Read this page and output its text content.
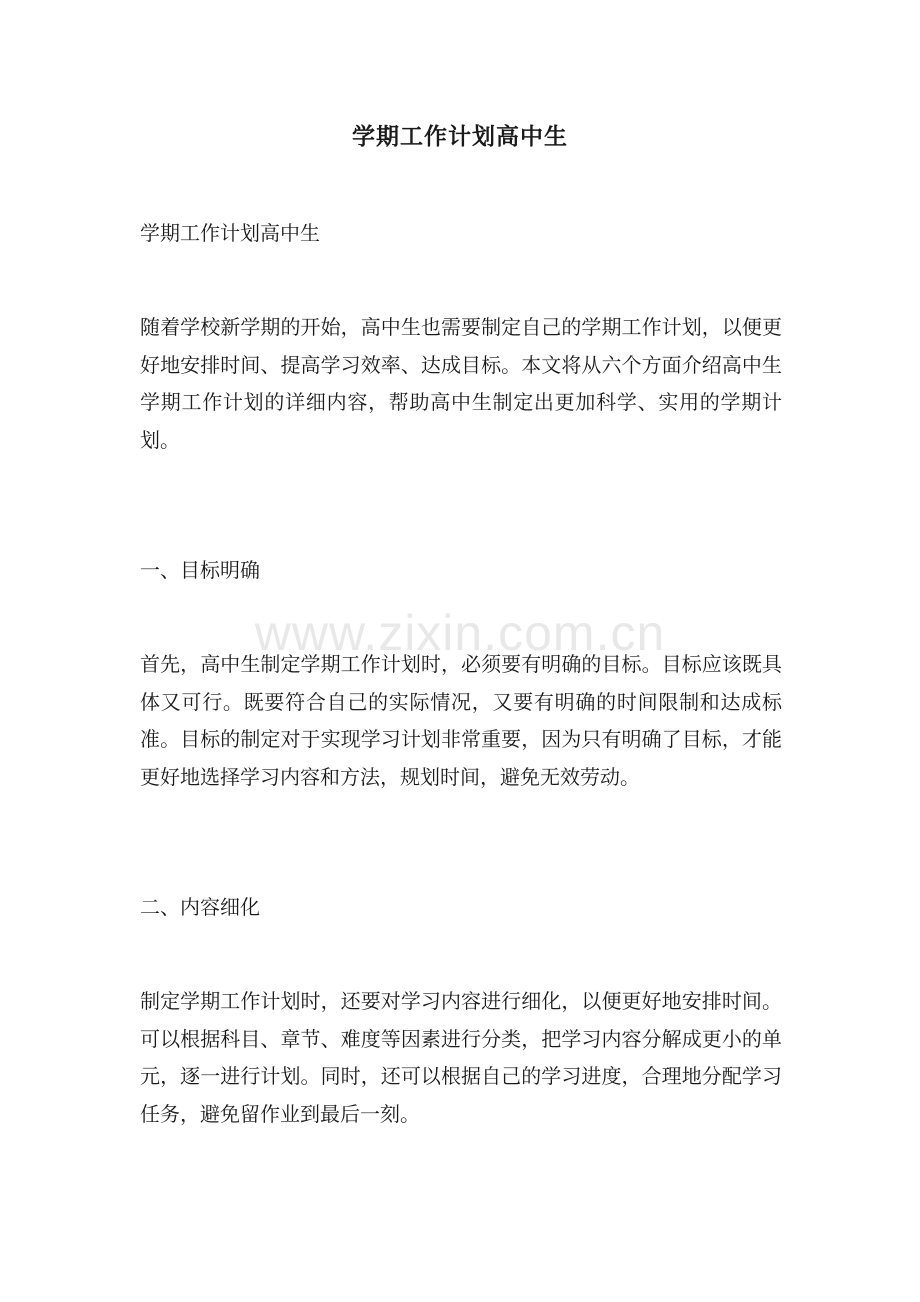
学期工作计划高中生

学期工作计划高中生

随着学校新学期的开始，高中生也需要制定自己的学期工作计划，以便更好地安排时间、提高学习效率、达成目标。本文将从六个方面介绍高中生学期工作计划的详细内容，帮助高中生制定出更加科学、实用的学期计划。

一、目标明确

首先，高中生制定学期工作计划时，必须要有明确的目标。目标应该既具体又可行。既要符合自己的实际情况，又要有明确的时间限制和达成标准。目标的制定对于实现学习计划非常重要，因为只有明确了目标，才能更好地选择学习内容和方法，规划时间，避免无效劳动。

二、内容细化

制定学期工作计划时，还要对学习内容进行细化，以便更好地安排时间。可以根据科目、章节、难度等因素进行分类，把学习内容分解成更小的单元，逐一进行计划。同时，还可以根据自己的学习进度，合理地分配学习任务，避免留作业到最后一刻。

www.zixin.com.cn
